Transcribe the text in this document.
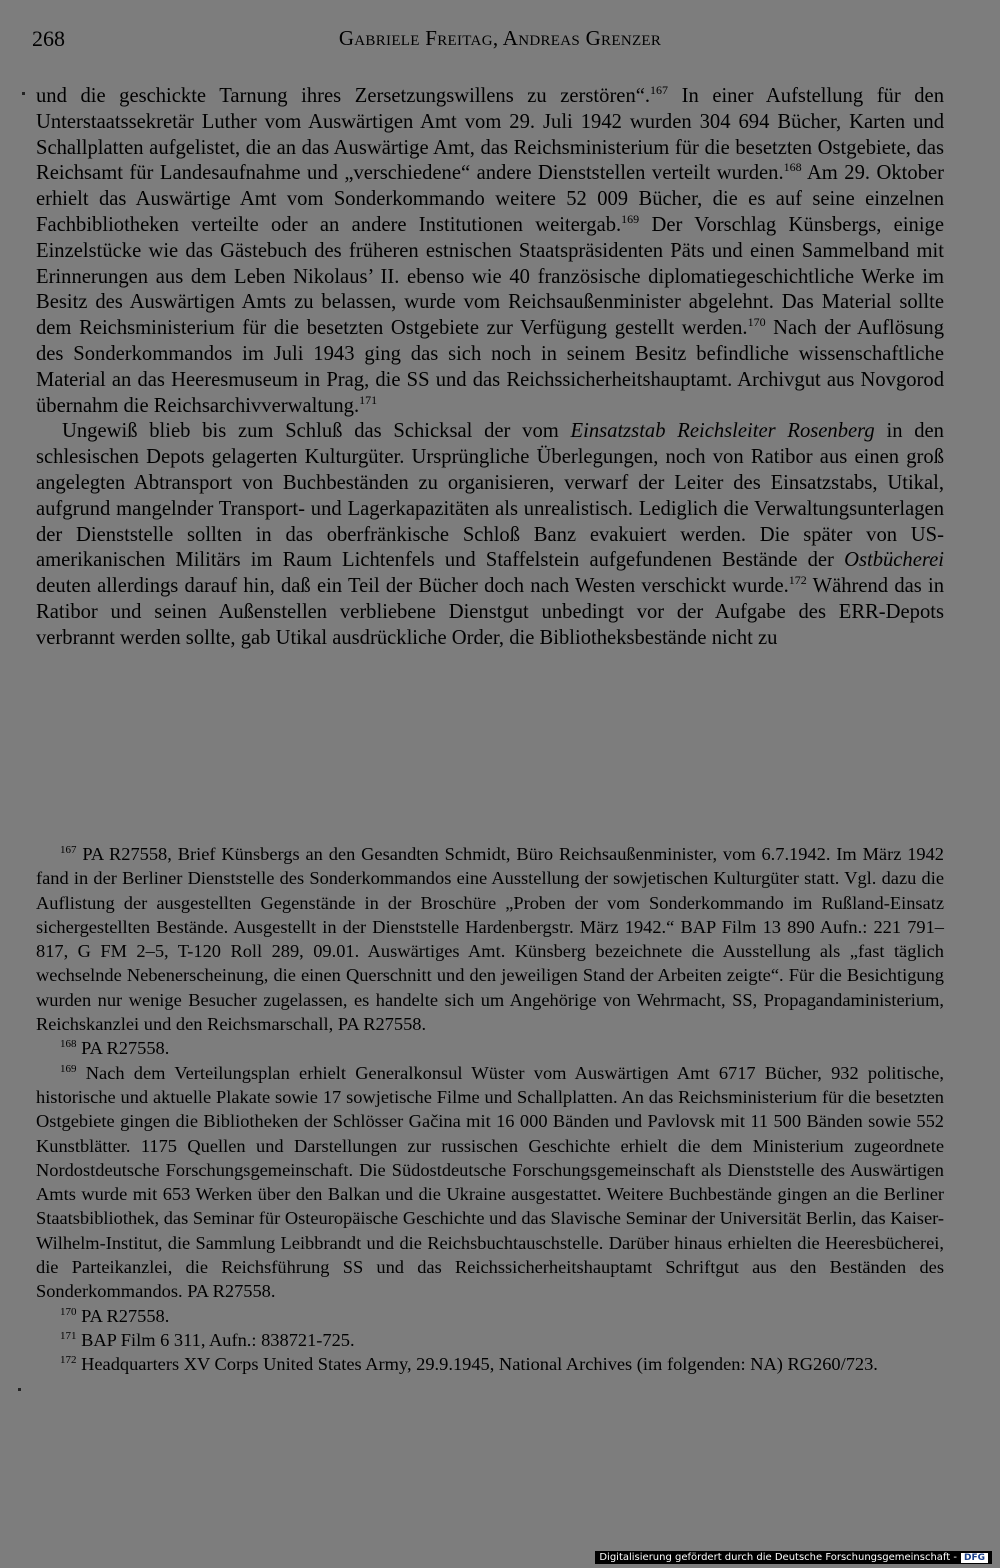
268	Gabriele Freitag, Andreas Grenzer

und die geschickte Tarnung ihres Zersetzungswillens zu zerstören“.$^{167}$ In einer Aufstellung für den Unterstaatssekretär Luther vom Auswärtigen Amt vom 29. Juli 1942 wurden 304 694 Bücher, Karten und Schallplatten aufgelistet, die an das Auswärtige Amt, das Reichsministerium für die besetzten Ostgebiete, das Reichsamt für Landesaufnahme und „verschiedene“ andere Dienststellen verteilt wurden.$^{168}$ Am 29. Oktober erhielt das Auswärtige Amt vom Sonderkommando weitere 52 009 Bücher, die es auf seine einzelnen Fachbibliotheken verteilte oder an andere Institutionen weitergab.$^{169}$ Der Vorschlag Künsbergs, einige Einzelstücke wie das Gästebuch des früheren estnischen Staatspräsidenten Päts und einen Sammelband mit Erinnerungen aus dem Leben Nikolaus’ II. ebenso wie 40 französische diplomatiegeschichtliche Werke im Besitz des Auswärtigen Amts zu belassen, wurde vom Reichsaußenminister abgelehnt. Das Material sollte dem Reichsministerium für die besetzten Ostgebiete zur Verfügung gestellt werden.$^{170}$ Nach der Auflösung des Sonderkommandos im Juli 1943 ging das sich noch in seinem Besitz befindliche wissenschaftliche Material an das Heeresmuseum in Prag, die SS und das Reichssicherheitshauptamt. Archivgut aus Novgorod übernahm die Reichsarchivverwaltung.$^{171}$

Ungewiß blieb bis zum Schluß das Schicksal der vom Einsatzstab Reichsleiter Rosenberg in den schlesischen Depots gelagerten Kulturgüter. Ursprüngliche Überlegungen, noch von Ratibor aus einen groß angelegten Abtransport von Buchbeständen zu organisieren, verwarf der Leiter des Einsatzstabs, Utikal, aufgrund mangelnder Transport- und Lagerkapazitäten als unrealistisch. Lediglich die Verwaltungsunterlagen der Dienststelle sollten in das oberfränkische Schloß Banz evakuiert werden. Die später von US-amerikanischen Militärs im Raum Lichtenfels und Staffelstein aufgefundenen Bestände der Ostbücherei deuten allerdings darauf hin, daß ein Teil der Bücher doch nach Westen verschickt wurde.$^{172}$ Während das in Ratibor und seinen Außenstellen verbliebene Dienstgut unbedingt vor der Aufgabe des ERR-Depots verbrannt werden sollte, gab Utikal ausdrückliche Order, die Bibliotheksbestände nicht zu

$^{167}$ PA R27558, Brief Künsbergs an den Gesandten Schmidt, Büro Reichsaußenminister, vom 6.7.1942. Im März 1942 fand in der Berliner Dienststelle des Sonderkommandos eine Ausstellung der sowjetischen Kulturgüter statt. Vgl. dazu die Auflistung der ausgestellten Gegenstände in der Broschüre „Proben der vom Sonderkommando im Rußland-Einsatz sichergestellten Bestände. Ausgestellt in der Dienststelle Hardenbergstr. März 1942.“ BAP Film 13 890 Aufn.: 221 791–817, G FM 2–5, T-120 Roll 289, 09.01. Auswärtiges Amt. Künsberg bezeichnete die Ausstellung als „fast täglich wechselnde Nebenerscheinung, die einen Querschnitt und den jeweiligen Stand der Arbeiten zeigte“. Für die Besichtigung wurden nur wenige Besucher zugelassen, es handelte sich um Angehörige von Wehrmacht, SS, Propagandaministerium, Reichskanzlei und den Reichsmarschall, PA R27558.

$^{168}$ PA R27558.

$^{169}$ Nach dem Verteilungsplan erhielt Generalkonsul Wüster vom Auswärtigen Amt 6717 Bücher, 932 politische, historische und aktuelle Plakate sowie 17 sowjetische Filme und Schallplatten. An das Reichsministerium für die besetzten Ostgebiete gingen die Bibliotheken der Schlösser Gačina mit 16 000 Bänden und Pavlovsk mit 11 500 Bänden sowie 552 Kunstblätter. 1175 Quellen und Darstellungen zur russischen Geschichte erhielt die dem Ministerium zugeordnete Nordostdeutsche Forschungsgemeinschaft. Die Südostdeutsche Forschungsgemeinschaft als Dienststelle des Auswärtigen Amts wurde mit 653 Werken über den Balkan und die Ukraine ausgestattet. Weitere Buchbestände gingen an die Berliner Staatsbibliothek, das Seminar für Osteuropäische Geschichte und das Slavische Seminar der Universität Berlin, das Kaiser-Wilhelm-Institut, die Sammlung Leibbrandt und die Reichsbuchtauschstelle. Darüber hinaus erhielten die Heeresbücherei, die Parteikanzlei, die Reichsführung SS und das Reichssicherheitshauptamt Schriftgut aus den Beständen des Sonderkommandos. PA R27558.

$^{170}$ PA R27558.

$^{171}$ BAP Film 6 311, Aufn.: 838721-725.

$^{172}$ Headquarters XV Corps United States Army, 29.9.1945, National Archives (im folgenden: NA) RG260/723.

Digitalisierung gefördert durch die Deutsche Forschungsgemeinschaft - DFG
